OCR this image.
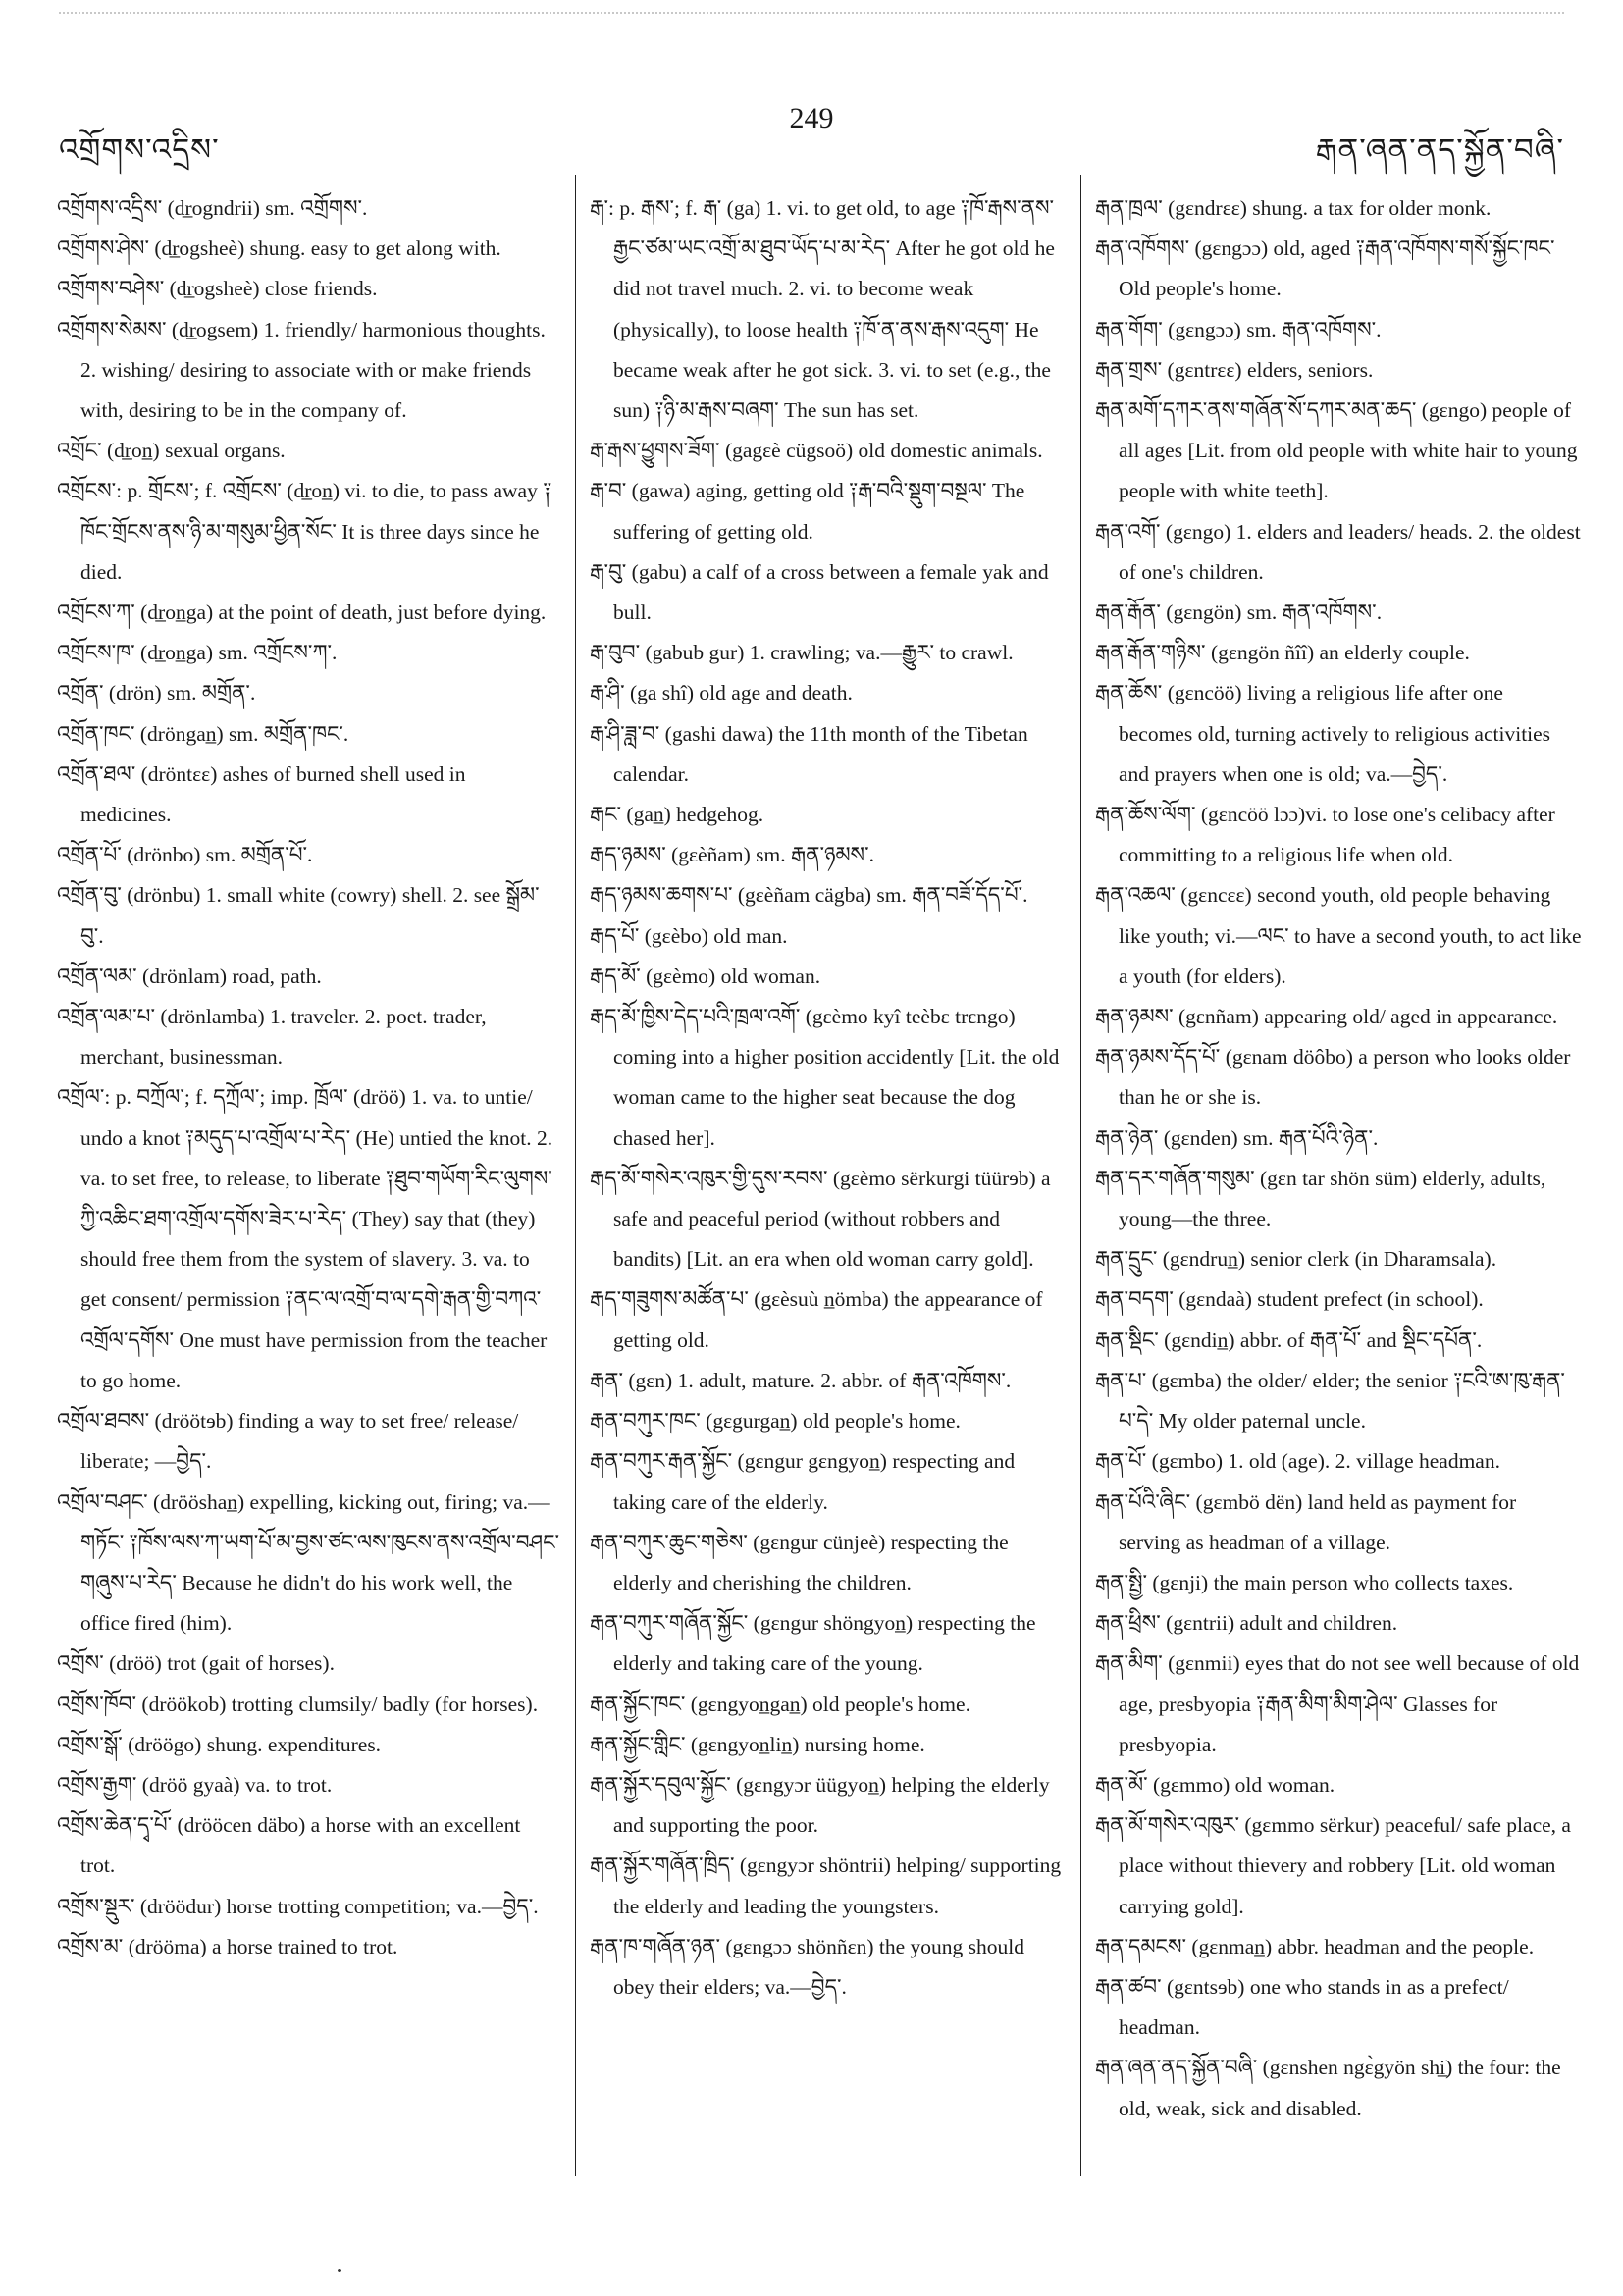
འགྲོགས་འདྲིས་
249
རྒན་ཞན་ནད་སྐྱོན་བཞི་

འགྲོགས་འདྲིས་ (dr̲ogndrii) sm. འགྲོགས་.

འགྲོགས་ཤེས་ (dr̲ogsheè) shung. easy to get along with.

འགྲོགས་བཤེས་ (dr̲ogsheè) close friends.

འགྲོགས་སེམས་ (dr̲ogsem) 1. friendly/ harmonious thoughts. 2. wishing/ desiring to associate with or make friends with, desiring to be in the company of.

འགྲོང་ (dr̲on̲) sexual organs.

འགྲོངས་: p. གྲོངས་; f. འགྲོངས་ (dr̲on̲) vi. to die, to pass away ༑ཁོང་གྲོངས་ནས་ཉི་མ་གསུམ་ཕྱིན་སོང་ It is three days since he died.

འགྲོངས་ཀ་ (dr̲on̲ga) at the point of death, just before dying.

འགྲོངས་ཁ་ (dr̲on̲ga) sm. འགྲོངས་ཀ་.

འགྲོན་ (drön) sm. མགྲོན་.

འགྲོན་ཁང་ (dröngan̲) sm. མགྲོན་ཁང་.

འགྲོན་ཐལ་ (dröntɛɛ) ashes of burned shell used in medicines.

འགྲོན་པོ་ (drönbo) sm. མགྲོན་པོ་.

འགྲོན་བུ་ (drönbu) 1. small white (cowry) shell. 2. see སྒྲོམ་བུ་.

འགྲོན་ལམ་ (drönlam) road, path.

འགྲོན་ལམ་པ་ (drönlamba) 1. traveler. 2. poet. trader, merchant, businessman.

འགྲོལ་: p. བཀྲོལ་; f. དཀྲོལ་; imp. ཁྲོལ་ (dröö) 1. va. to untie/ undo a knot ༑མདུད་པ་འགྲོལ་པ་རེད་ (He) untied the knot. 2. va. to set free, to release, to liberate ༑ཐུབ་གཡོག་རིང་ལུགས་ཀྱི་འཆིང་ཐག་འགྲོལ་དགོས་ཟེར་པ་རེད་ (They) say that (they) should free them from the system of slavery. 3. va. to get consent/ permission ༑ནང་ལ་འགྲོ་བ་ལ་དགེ་རྒན་གྱི་བཀའ་འགྲོལ་དགོས་ One must have permission from the teacher to go home.

འགྲོལ་ཐབས་ (dröötɘb) finding a way to set free/ release/ liberate; —བྱེད་.

འགྲོལ་བཤང་ (drööshan̲) expelling, kicking out, firing; va.—གཏོང་ ༑ཁོས་ལས་ཀ་ཡག་པོ་མ་བྱས་ཙང་ལས་ཁུངས་ནས་འགྲོལ་བཤང་གཞུས་པ་རེད་ Because he didn't do his work well, the office fired (him).

འགྲོས་ (dröö) trot (gait of horses).

འགྲོས་ཁོབ་ (dröökob) trotting clumsily/ badly (for horses).

འགྲོས་སྒོ་ (dröögo) shung. expenditures.

འགྲོས་རྒྱག་ (dröö gyaà) va. to trot.

འགྲོས་ཆེན་དྭ་པོ་ (drööcen däbo) a horse with an excellent trot.

འགྲོས་སྡུར་ (dröödur) horse trotting competition; va.—བྱེད་.

འགྲོས་མ་ (drööma) a horse trained to trot.

རྒ་: p. རྒས་; f. རྒ་ (ga) 1. vi. to get old, to age ༑ཁོ་རྒས་ནས་རྒྱང་ཙམ་ཡང་འགྲོ་མ་ཐུབ་ཡོད་པ་མ་རེད་ After he got old he did not travel much. 2. vi. to become weak (physically), to loose health ༑ཁོ་ན་ནས་རྒས་འདུག་ He became weak after he got sick. 3. vi. to set (e.g., the sun) ༑ཉི་མ་རྒས་བཞག་ The sun has set.

རྒ་རྒས་ཕྱུགས་ཟོག་ (gagɛè cügsoö) old domestic animals.

རྒ་བ་ (gawa) aging, getting old ༑རྒ་བའི་སྡུག་བསྔལ་ The suffering of getting old.

རྒ་བུ་ (gabu) a calf of a cross between a female yak and bull.

རྒ་བུབ་ (gabub gur) 1. crawling; va.—རྒྱུར་ to crawl.

རྒ་ཤི་ (ga shî) old age and death.

རྒ་ཤི་ཟླ་བ་ (gashi dawa) the 11th month of the Tibetan calendar.

རྒང་ (gan̲) hedgehog.

རྒད་ཉམས་ (gɛèñam) sm. རྒན་ཉམས་.

རྒད་ཉམས་ཆགས་པ་ (gɛèñam cägba) sm. རྒན་བཟོ་དོད་པོ་.

རྒད་པོ་ (gɛèbo) old man.

རྒད་མོ་ (gɛèmo) old woman.

རྒད་མོ་ཁྱིས་དེད་པའི་ཁྲལ་འགོ་ (gɛèmo kyî teèbɛ trɛngo) coming into a higher position accidently [Lit. the old woman came to the higher seat because the dog chased her].

རྒད་མོ་གསེར་འཁུར་གྱི་དུས་རབས་ (gɛèmo sërkurgi tüürɘb) a safe and peaceful period (without robbers and bandits) [Lit. an era when old woman carry gold].

རྒད་གཟུགས་མཚོན་པ་ (gɛèsuù n̲ömba) the appearance of getting old.

རྒན་ (gɛn) 1. adult, mature. 2. abbr. of རྒན་འཁོགས་.

རྒན་བཀུར་ཁང་ (gɛgurgan̲) old people's home.

རྒན་བཀུར་རྒན་སྐྱོང་ (gɛngur gɛngyon̲) respecting and taking care of the elderly.

རྒན་བཀུར་ཆུང་གཅེས་ (gɛngur cünjeè) respecting the elderly and cherishing the children.

རྒན་བཀུར་གཞོན་སྐྱོང་ (gɛngur shöngyon̲) respecting the elderly and taking care of the young.

རྒན་སྐྱོང་ཁང་ (gɛngyon̲gan̲) old people's home.

རྒན་སྐྱོང་གླིང་ (gɛngyon̲lin̲) nursing home.

རྒན་སྐྱོར་དབུལ་སྐྱོང་ (gɛngyɔr üügyon̲) helping the elderly and supporting the poor.

རྒན་སྐྱོར་གཞོན་ཁྲིད་ (gɛngyɔr shöntrii) helping/ supporting the elderly and leading the youngsters.

རྒན་ཁ་གཞོན་ཉན་ (gɛngɔɔ shönñɛn) the young should obey their elders; va.—བྱེད་.

རྒན་ཁྲལ་ (gɛndrɛɛ) shung. a tax for older monk.

རྒན་འཁོགས་ (gɛngɔɔ) old, aged ༑རྒན་འཁོགས་གསོ་སྐྱོང་ཁང་ Old people's home.

རྒན་གོག་ (gɛngɔɔ) sm. རྒན་འཁོགས་.

རྒན་གྲས་ (gɛntrɛɛ) elders, seniors.

རྒན་མགོ་དཀར་ནས་གཞོན་སོ་དཀར་མན་ཆད་ (gɛngo) people of all ages [Lit. from old people with white hair to young people with white teeth].

རྒན་འགོ་ (gɛngo) 1. elders and leaders/ heads. 2. the oldest of one's children.

རྒན་རྒོན་ (gɛngön) sm. རྒན་འཁོགས་.

རྒན་རྒོན་གཉིས་ (gɛngön ñîî) an elderly couple.

རྒན་ཆོས་ (gɛncöö) living a religious life after one becomes old, turning actively to religious activities and prayers when one is old; va.—བྱེད་.

རྒན་ཆོས་ལོག་ (gɛncöö lɔɔ)vi. to lose one's celibacy after committing to a religious life when old.

རྒན་འཆལ་ (gɛncɛɛ) second youth, old people behaving like youth; vi.—ལང་ to have a second youth, to act like a youth (for elders).

རྒན་ཉམས་ (gɛnñam) appearing old/ aged in appearance.

རྒན་ཉམས་དོད་པོ་ (gɛnam döôbo) a person who looks older than he or she is.

རྒན་ཉེན་ (gɛnden) sm. རྒན་པོའི་ཉེན་.

རྒན་དར་གཞོན་གསུམ་ (gɛn tar shön süm) elderly, adults, young—the three.

རྒན་དྲུང་ (gɛndrun̲) senior clerk (in Dharamsala).

རྒན་བདག་ (gɛndaà) student prefect (in school).

རྒན་སྡིང་ (gɛndin̲) abbr. of རྒན་པོ་ and སྡིང་དཔོན་.

རྒན་པ་ (gɛmba) the older/ elder; the senior ༑ངའི་ཨ་ཁུ་རྒན་པ་དེ་ My older paternal uncle.

རྒན་པོ་ (gɛmbo) 1. old (age). 2. village headman.

རྒན་པོའི་ཞིང་ (gɛmbö dën) land held as payment for serving as headman of a village.

རྒན་སྤྱི་ (gɛnji) the main person who collects taxes.

རྒན་ཕྲིས་ (gɛntrii) adult and children.

རྒན་མིག་ (gɛnmii) eyes that do not see well because of old age, presbyopia ༑རྒན་མིག་མིག་ཤེལ་ Glasses for presbyopia.

རྒན་མོ་ (gɛmmo) old woman.

རྒན་མོ་གསེར་འཁུར་ (gɛmmo sërkur) peaceful/ safe place, a place without thievery and robbery [Lit. old woman carrying gold].

རྒན་དམངས་ (gɛnman̲) abbr. headman and the people.

རྒན་ཚབ་ (gɛntsɘb) one who stands in as a prefect/ headman.

རྒན་ཞན་ནད་སྐྱོན་བཞི་ (gɛnshen ngɛ̀gyön shi̲) the four: the old, weak, sick and disabled.
